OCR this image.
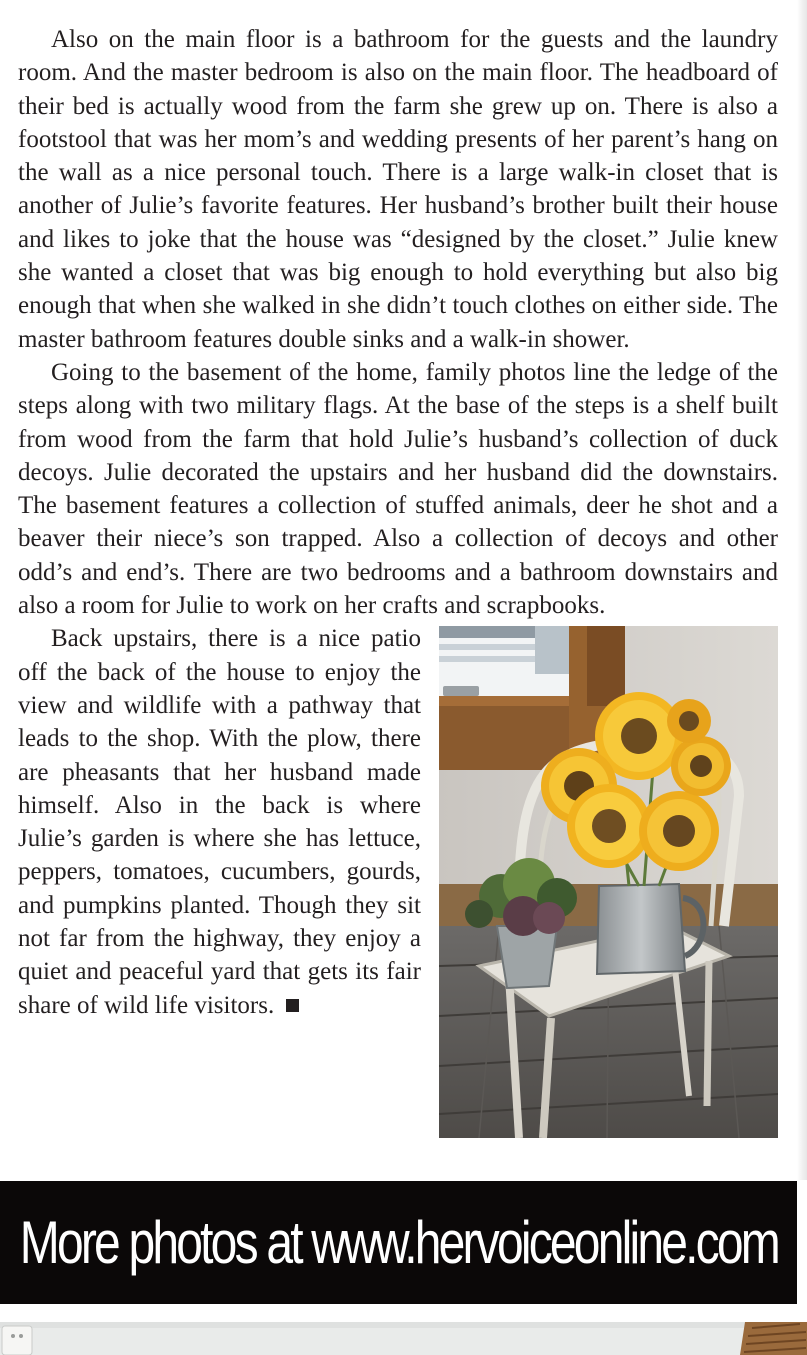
Also on the main floor is a bathroom for the guests and the laundry room. And the master bedroom is also on the main floor. The headboard of their bed is actually wood from the farm she grew up on. There is also a footstool that was her mom’s and wedding presents of her parent’s hang on the wall as a nice personal touch. There is a large walk-in closet that is another of Julie’s favorite features. Her husband’s brother built their house and likes to joke that the house was “designed by the closet.” Julie knew she wanted a closet that was big enough to hold everything but also big enough that when she walked in she didn’t touch clothes on either side. The master bathroom features double sinks and a walk-in shower.

Going to the basement of the home, family photos line the ledge of the steps along with two military flags. At the base of the steps is a shelf built from wood from the farm that hold Julie’s husband’s collection of duck decoys. Julie decorated the upstairs and her husband did the downstairs. The basement features a collection of stuffed animals, deer he shot and a beaver their niece’s son trapped. Also a collection of decoys and other odd’s and end’s. There are two bedrooms and a bathroom downstairs and also a room for Julie to work on her crafts and scrapbooks.

Back upstairs, there is a nice patio off the back of the house to enjoy the view and wildlife with a pathway that leads to the shop. With the plow, there are pheasants that her husband made himself. Also in the back is where Julie’s garden is where she has lettuce, peppers, tomatoes, cucumbers, gourds, and pumpkins planted. Though they sit not far from the highway, they enjoy a quiet and peaceful yard that gets its fair share of wild life visitors.

More photos at www.hervoiceonline.com
